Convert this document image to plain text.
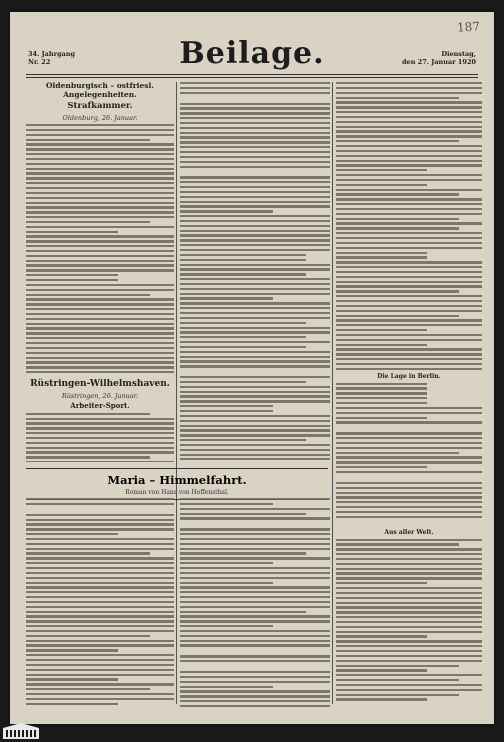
187
34. Jahrgang
Nr. 22	Beilage.	Dienstag,
den 27. Januar 1920
Oldenburgisch – ostfriesl. Angelegenheiten.
Strafkammer.
Oldenburg, 26. Januar.
Rüstringen-Wilhelmshaven.
Rüstringen, 26. Januar.
Arbeiter-Sport.
Maria – Himmelfahrt.
Roman von Hans von Hoffensthal.
Die Lage in Berlin.
Aus aller Welt.
